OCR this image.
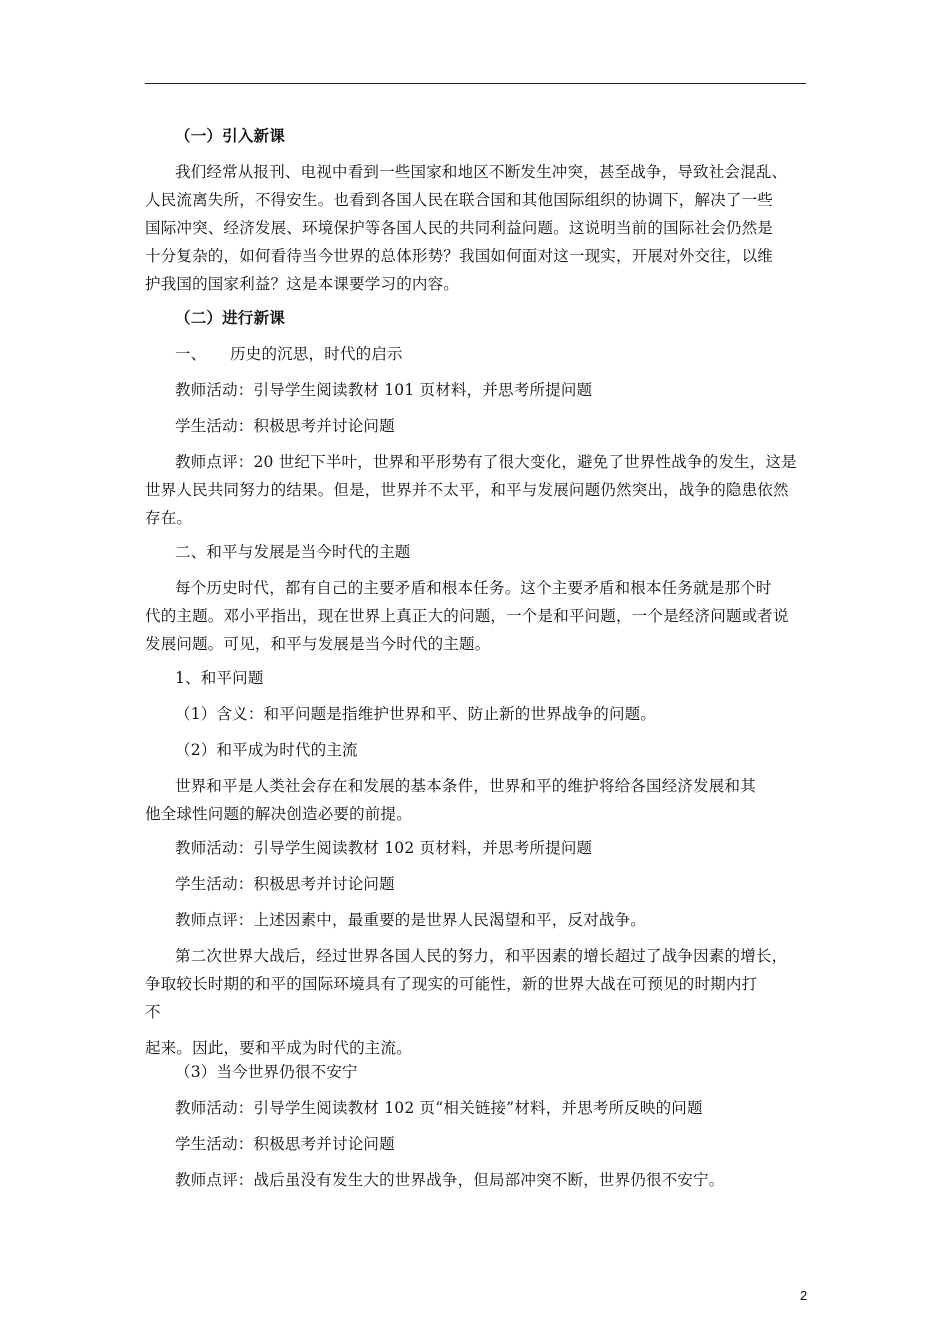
（一）引入新课
我们经常从报刊、电视中看到一些国家和地区不断发生冲突，甚至战争，导致社会混乱、
人民流离失所，不得安生。也看到各国人民在联合国和其他国际组织的协调下，解决了一些
国际冲突、经济发展、环境保护等各国人民的共同利益问题。这说明当前的国际社会仍然是
十分复杂的，如何看待当今世界的总体形势？我国如何面对这一现实，开展对外交往，以维
护我国的国家利益？这是本课要学习的内容。
（二）进行新课
一、　　历史的沉思，时代的启示
教师活动：引导学生阅读教材 101 页材料，并思考所提问题
学生活动：积极思考并讨论问题
教师点评：20 世纪下半叶，世界和平形势有了很大变化，避免了世界性战争的发生，这是
世界人民共同努力的结果。但是，世界并不太平，和平与发展问题仍然突出，战争的隐患依然
存在。
二、和平与发展是当今时代的主题
每个历史时代，都有自己的主要矛盾和根本任务。这个主要矛盾和根本任务就是那个时
代的主题。邓小平指出，现在世界上真正大的问题，一个是和平问题，一个是经济问题或者说
发展问题。可见，和平与发展是当今时代的主题。
1、和平问题
（1）含义：和平问题是指维护世界和平、防止新的世界战争的问题。
（2）和平成为时代的主流
世界和平是人类社会存在和发展的基本条件，世界和平的维护将给各国经济发展和其
他全球性问题的解决创造必要的前提。
教师活动：引导学生阅读教材 102 页材料，并思考所提问题
学生活动：积极思考并讨论问题
教师点评：上述因素中，最重要的是世界人民渴望和平，反对战争。
第二次世界大战后，经过世界各国人民的努力，和平因素的增长超过了战争因素的增长，
争取较长时期的和平的国际环境具有了现实的可能性，新的世界大战在可预见的时期内打
不
起来。因此，要和平成为时代的主流。
（3）当今世界仍很不安宁
教师活动：引导学生阅读教材 102 页“相关链接”材料，并思考所反映的问题
学生活动：积极思考并讨论问题
教师点评：战后虽没有发生大的世界战争，但局部冲突不断，世界仍很不安宁。
2
